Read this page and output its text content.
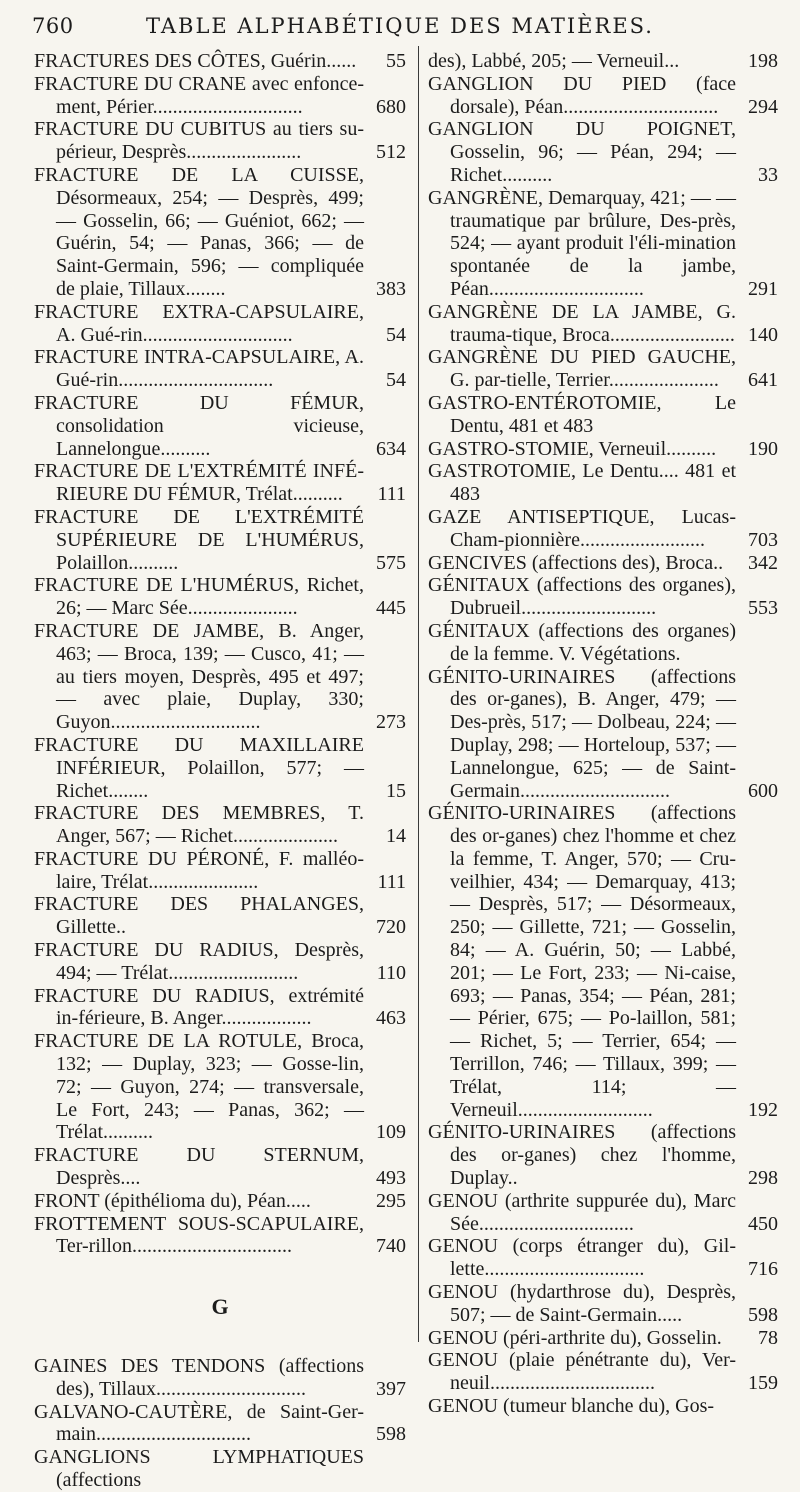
760	TABLE ALPHABÉTIQUE DES MATIÈRES.
FRACTURES DES CÔTES, Guérin...... 55
FRACTURE DU CRANE avec enfonce-ment, Périer..............................	680
FRACTURE DU CUBITUS au tiers su-périeur, Desprès.......................	512
FRACTURE DE LA CUISSE, Désormeaux, 254; — Desprès, 499; — Gosselin, 66; — Guéniot, 662; — Guérin, 54; — Panas, 366; — de Saint-Germain, 596; — compliquée de plaie, Tillaux........	383
FRACTURE EXTRA-CAPSULAIRE, A. Gué-rin..............................	54
FRACTURE INTRA-CAPSULAIRE, A. Gué-rin...............................	54
FRACTURE DU FÉMUR, consolidation vicieuse, Lannelongue..........	634
FRACTURE DE L'EXTRÉMITÉ INFÉ-RIEURE DU FÉMUR, Trélat.......... 111
FRACTURE DE L'EXTRÉMITÉ SUPÉRIEURE DE L'HUMÉRUS, Polaillon..........	575
FRACTURE DE L'HUMÉRUS, Richet, 26; — Marc Sée......................	445
FRACTURE DE JAMBE, B. Anger, 463; — Broca, 139; — Cusco, 41; — au tiers moyen, Desprès, 495 et 497; — avec plaie, Duplay, 330; Guyon..............................	273
FRACTURE DU MAXILLAIRE INFÉRIEUR, Polaillon, 577; — Richet........	15
FRACTURE DES MEMBRES, T. Anger, 567; — Richet..................... 14
FRACTURE DU PÉRONÉ, F. malléo-laire, Trélat......................	111
FRACTURE DES PHALANGES, Gillette..	720
FRACTURE DU RADIUS, Desprès, 494; — Trélat..........................	110
FRACTURE DU RADIUS, extrémité in-férieure, B. Anger..................	463
FRACTURE DE LA ROTULE, Broca, 132; — Duplay, 323; — Gosse-lin, 72; — Guyon, 274; — transversale, Le Fort, 243; — Panas, 362; — Trélat..........	109
FRACTURE DU STERNUM, Desprès....	493
FRONT (épithélioma du), Péan.....	295
FROTTEMENT SOUS-SCAPULAIRE, Ter-rillon................................	740
G
GAINES DES TENDONS (affections des), Tillaux..............................	397
GALVANO-CAUTÈRE, de Saint-Ger-main...............................	598
GANGLIONS LYMPHATIQUES (affections
des), Labbé, 205; — Verneuil...	198
GANGLION DU PIED (face dorsale), Péan............................... 294
GANGLION DU POIGNET, Gosselin, 96; — Péan, 294; — Richet..........	33
GANGRÈNE, Demarquay, 421; — — traumatique par brûlure, Des-près, 524; — ayant produit l'éli-mination spontanée de la jambe, Péan...............................	291
GANGRÈNE DE LA JAMBE, G. trauma-tique, Broca......................... 140
GANGRÈNE DU PIED GAUCHE, G. par-tielle, Terrier...................... 641
GASTRO-ENTÉROTOMIE, Le Dentu, 481 et 483
GASTRO-STOMIE, Verneuil.......... 190
GASTROTOMIE, Le Dentu.... 481 et 483
GAZE ANTISEPTIQUE, Lucas-Cham-pionnière......................... 703
GENCIVES (affections des), Broca.. 342
GÉNITAUX (affections des organes), Dubrueil...........................	553
GÉNITAUX (affections des organes) de la femme. V. Végétations.
GÉNITO-URINAIRES (affections des or-ganes), B. Anger, 479; — Des-près, 517; — Dolbeau, 224; — Duplay, 298; — Horteloup, 537; — Lannelongue, 625; — de Saint-Germain..............................	600
GÉNITO-URINAIRES (affections des or-ganes) chez l'homme et chez la femme, T. Anger, 570; — Cru-veilhier, 434; — Demarquay, 413; — Desprès, 517; — Désormeaux, 250; — Gillette, 721; — Gosselin, 84; — A. Guérin, 50; — Labbé, 201; — Le Fort, 233; — Ni-caise, 693; — Panas, 354; — Péan, 281; — Périer, 675; — Po-laillon, 581; — Richet, 5; — Terrier, 654; — Terrillon, 746; — Tillaux, 399; — Trélat, 114; — Verneuil...........................	192
GÉNITO-URINAIRES (affections des or-ganes) chez l'homme, Duplay..	298
GENOU (arthrite suppurée du), Marc Sée...............................	450
GENOU (corps étranger du), Gil-lette................................	716
GENOU (hydarthrose du), Desprès, 507; — de Saint-Germain.....	598
GENOU (péri-arthrite du), Gosselin. 78
GENOU (plaie pénétrante du), Ver-neuil.................................	159
GENOU (tumeur blanche du), Gos-
